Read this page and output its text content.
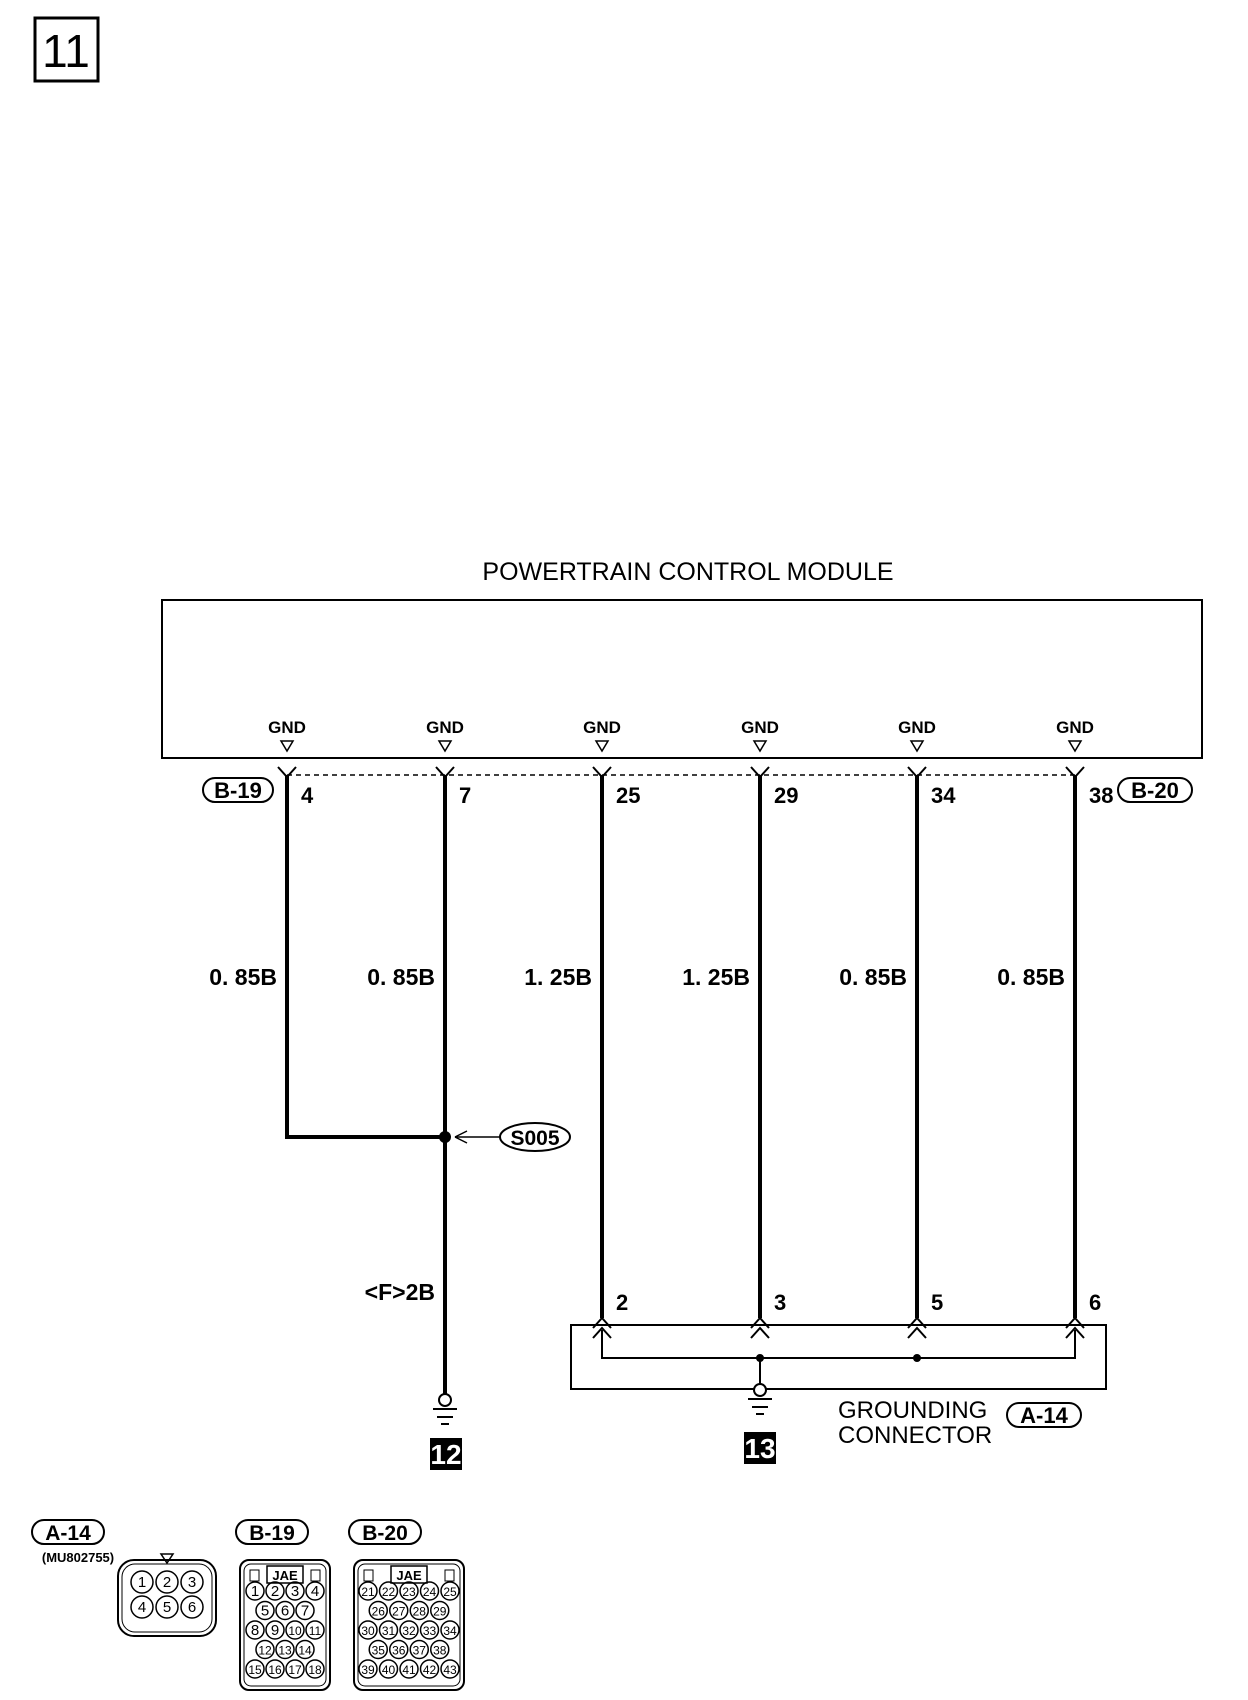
11
POWERTRAIN CONTROL MODULE
GND	GND	GND	GND	GND	GND
B-19	B-20
4	7	25	29	34	38
0. 85B	0. 85B	1. 25B	1. 25B	0. 85B	0. 85B
S005
<F>2B
12
2	3	5	6
13
GROUNDING
CONNECTOR
A-14
A-14
(MU802755)
1 2 3
4 5 6
B-19
JAE
1 2 3 4
5 6 7
8 9 10 11
12 13 14
15 16 17 18
B-20
JAE
21 22 23 24 25
26 27 28 29
30 31 32 33 34
35 36 37 38
39 40 41 42 43
